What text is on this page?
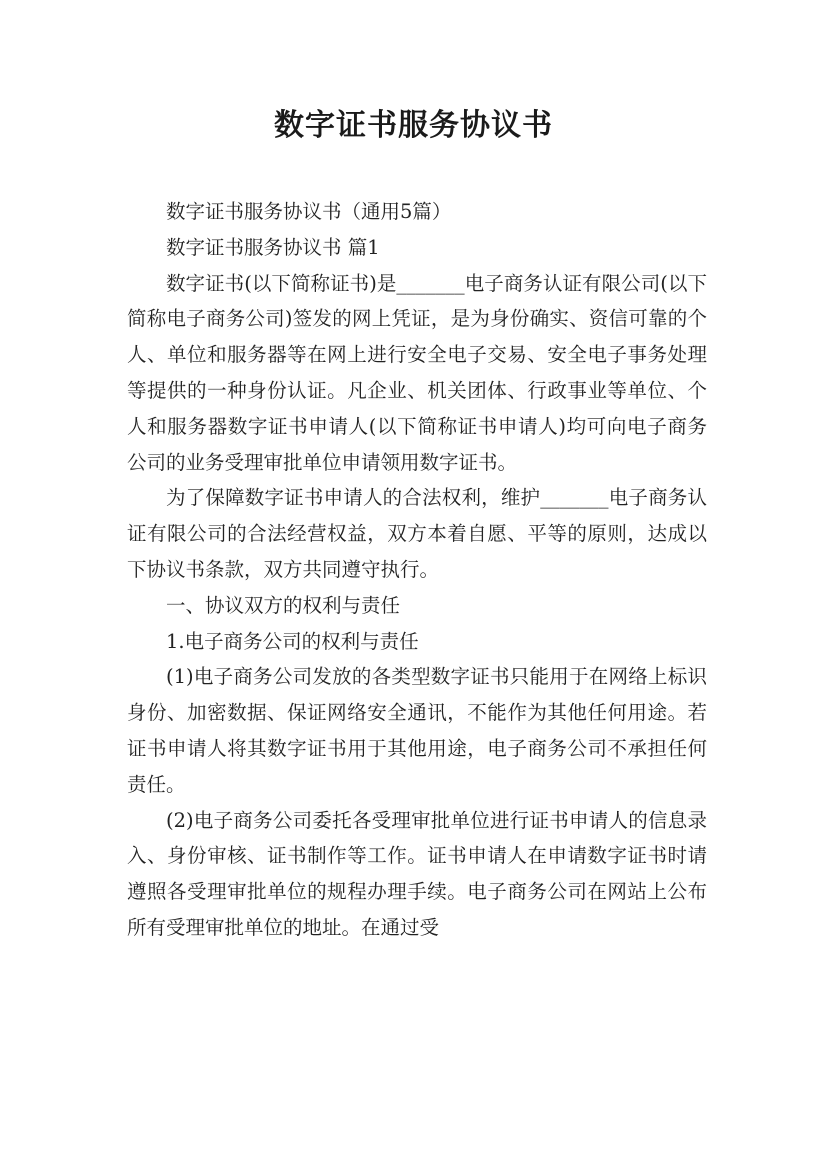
数字证书服务协议书

数字证书服务协议书（通用5篇）

数字证书服务协议书 篇1

数字证书(以下简称证书)是_______电子商务认证有限公司(以下简称电子商务公司)签发的网上凭证，是为身份确实、资信可靠的个人、单位和服务器等在网上进行安全电子交易、安全电子事务处理等提供的一种身份认证。凡企业、机关团体、行政事业等单位、个人和服务器数字证书申请人(以下简称证书申请人)均可向电子商务公司的业务受理审批单位申请领用数字证书。

为了保障数字证书申请人的合法权利，维护_______电子商务认证有限公司的合法经营权益，双方本着自愿、平等的原则，达成以下协议书条款，双方共同遵守执行。

一、协议双方的权利与责任

1.电子商务公司的权利与责任

(1)电子商务公司发放的各类型数字证书只能用于在网络上标识身份、加密数据、保证网络安全通讯，不能作为其他任何用途。若证书申请人将其数字证书用于其他用途，电子商务公司不承担任何责任。

(2)电子商务公司委托各受理审批单位进行证书申请人的信息录入、身份审核、证书制作等工作。证书申请人在申请数字证书时请遵照各受理审批单位的规程办理手续。电子商务公司在网站上公布所有受理审批单位的地址。在通过受
